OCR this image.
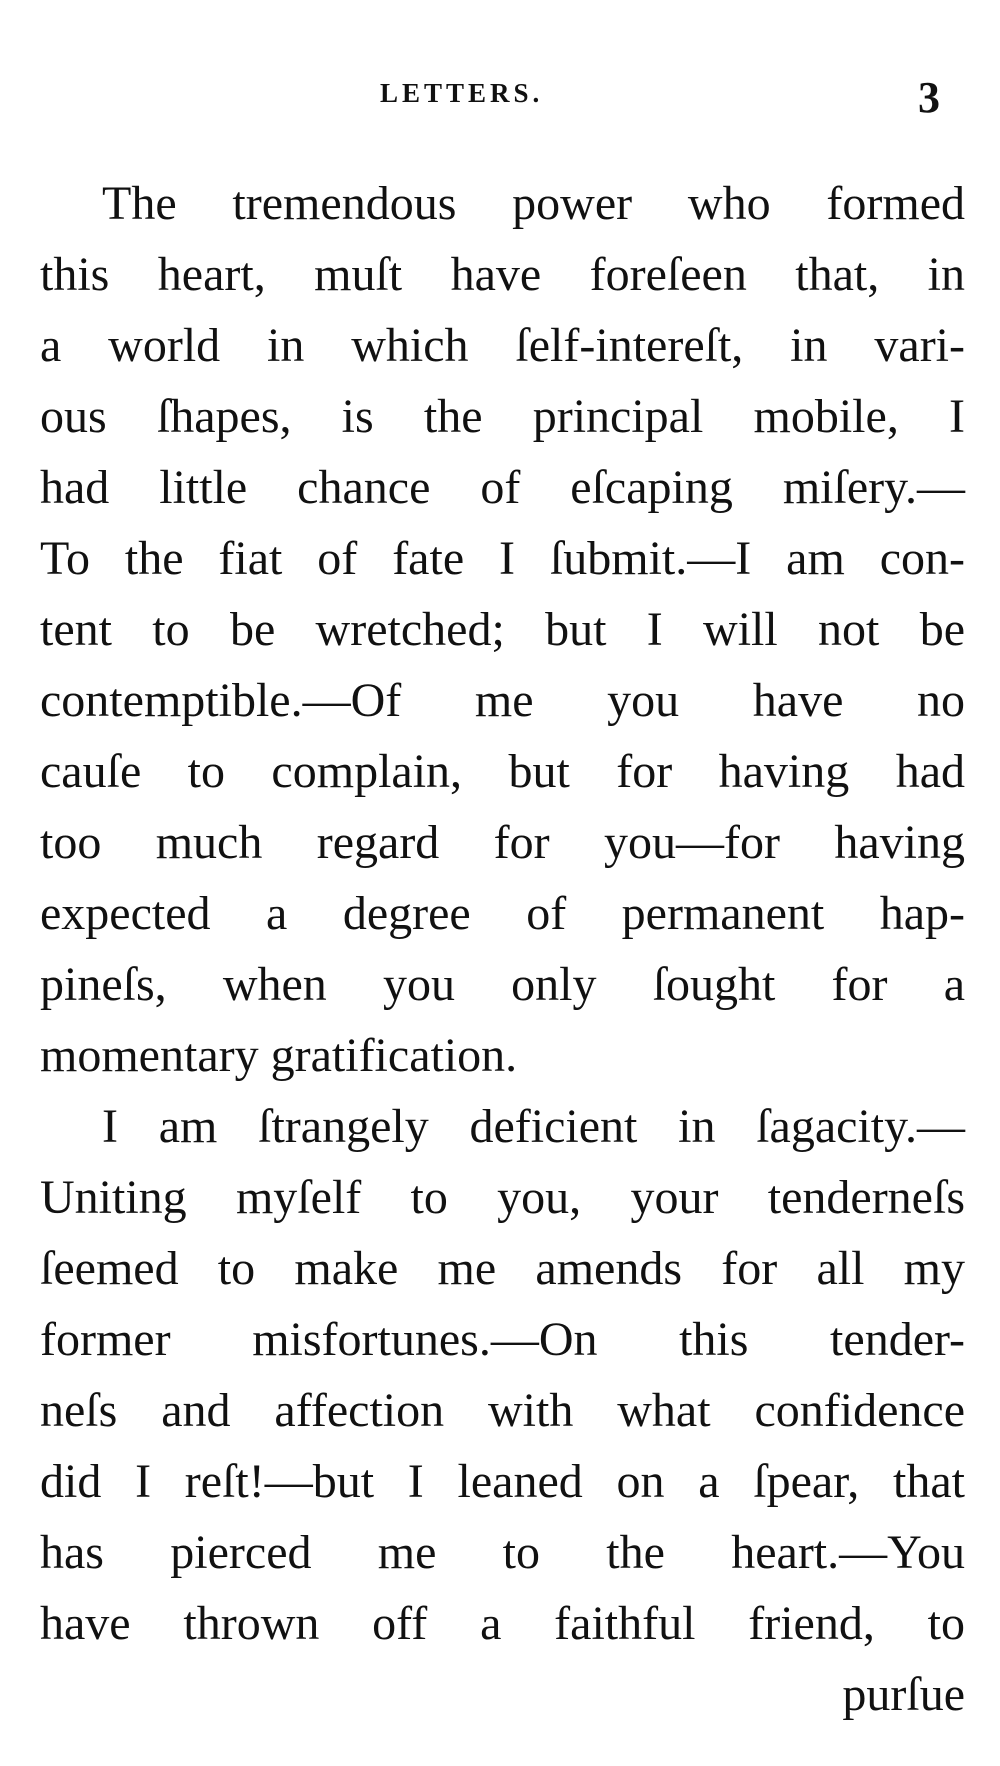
LETTERS.	3
The tremendous power who formed
this heart, muſt have foreſeen that, in
a world in which ſelf-intereſt, in vari-
ous ſhapes, is the principal mobile, I
had little chance of eſcaping miſery.—
To the fiat of fate I ſubmit.—I am con-
tent to be wretched; but I will not be
contemptible.—Of me you have no
cauſe to complain, but for having had
too much regard for you—for having
expected a degree of permanent hap-
pineſs, when you only ſought for a
momentary gratification.
I am ſtrangely deficient in ſagacity.—
Uniting myſelf to you, your tenderneſs
ſeemed to make me amends for all my
former misfortunes.—On this tender-
neſs and affection with what confidence
did I reſt!—but I leaned on a ſpear, that
has pierced me to the heart.—You
have thrown off a faithful friend, to
purſue
